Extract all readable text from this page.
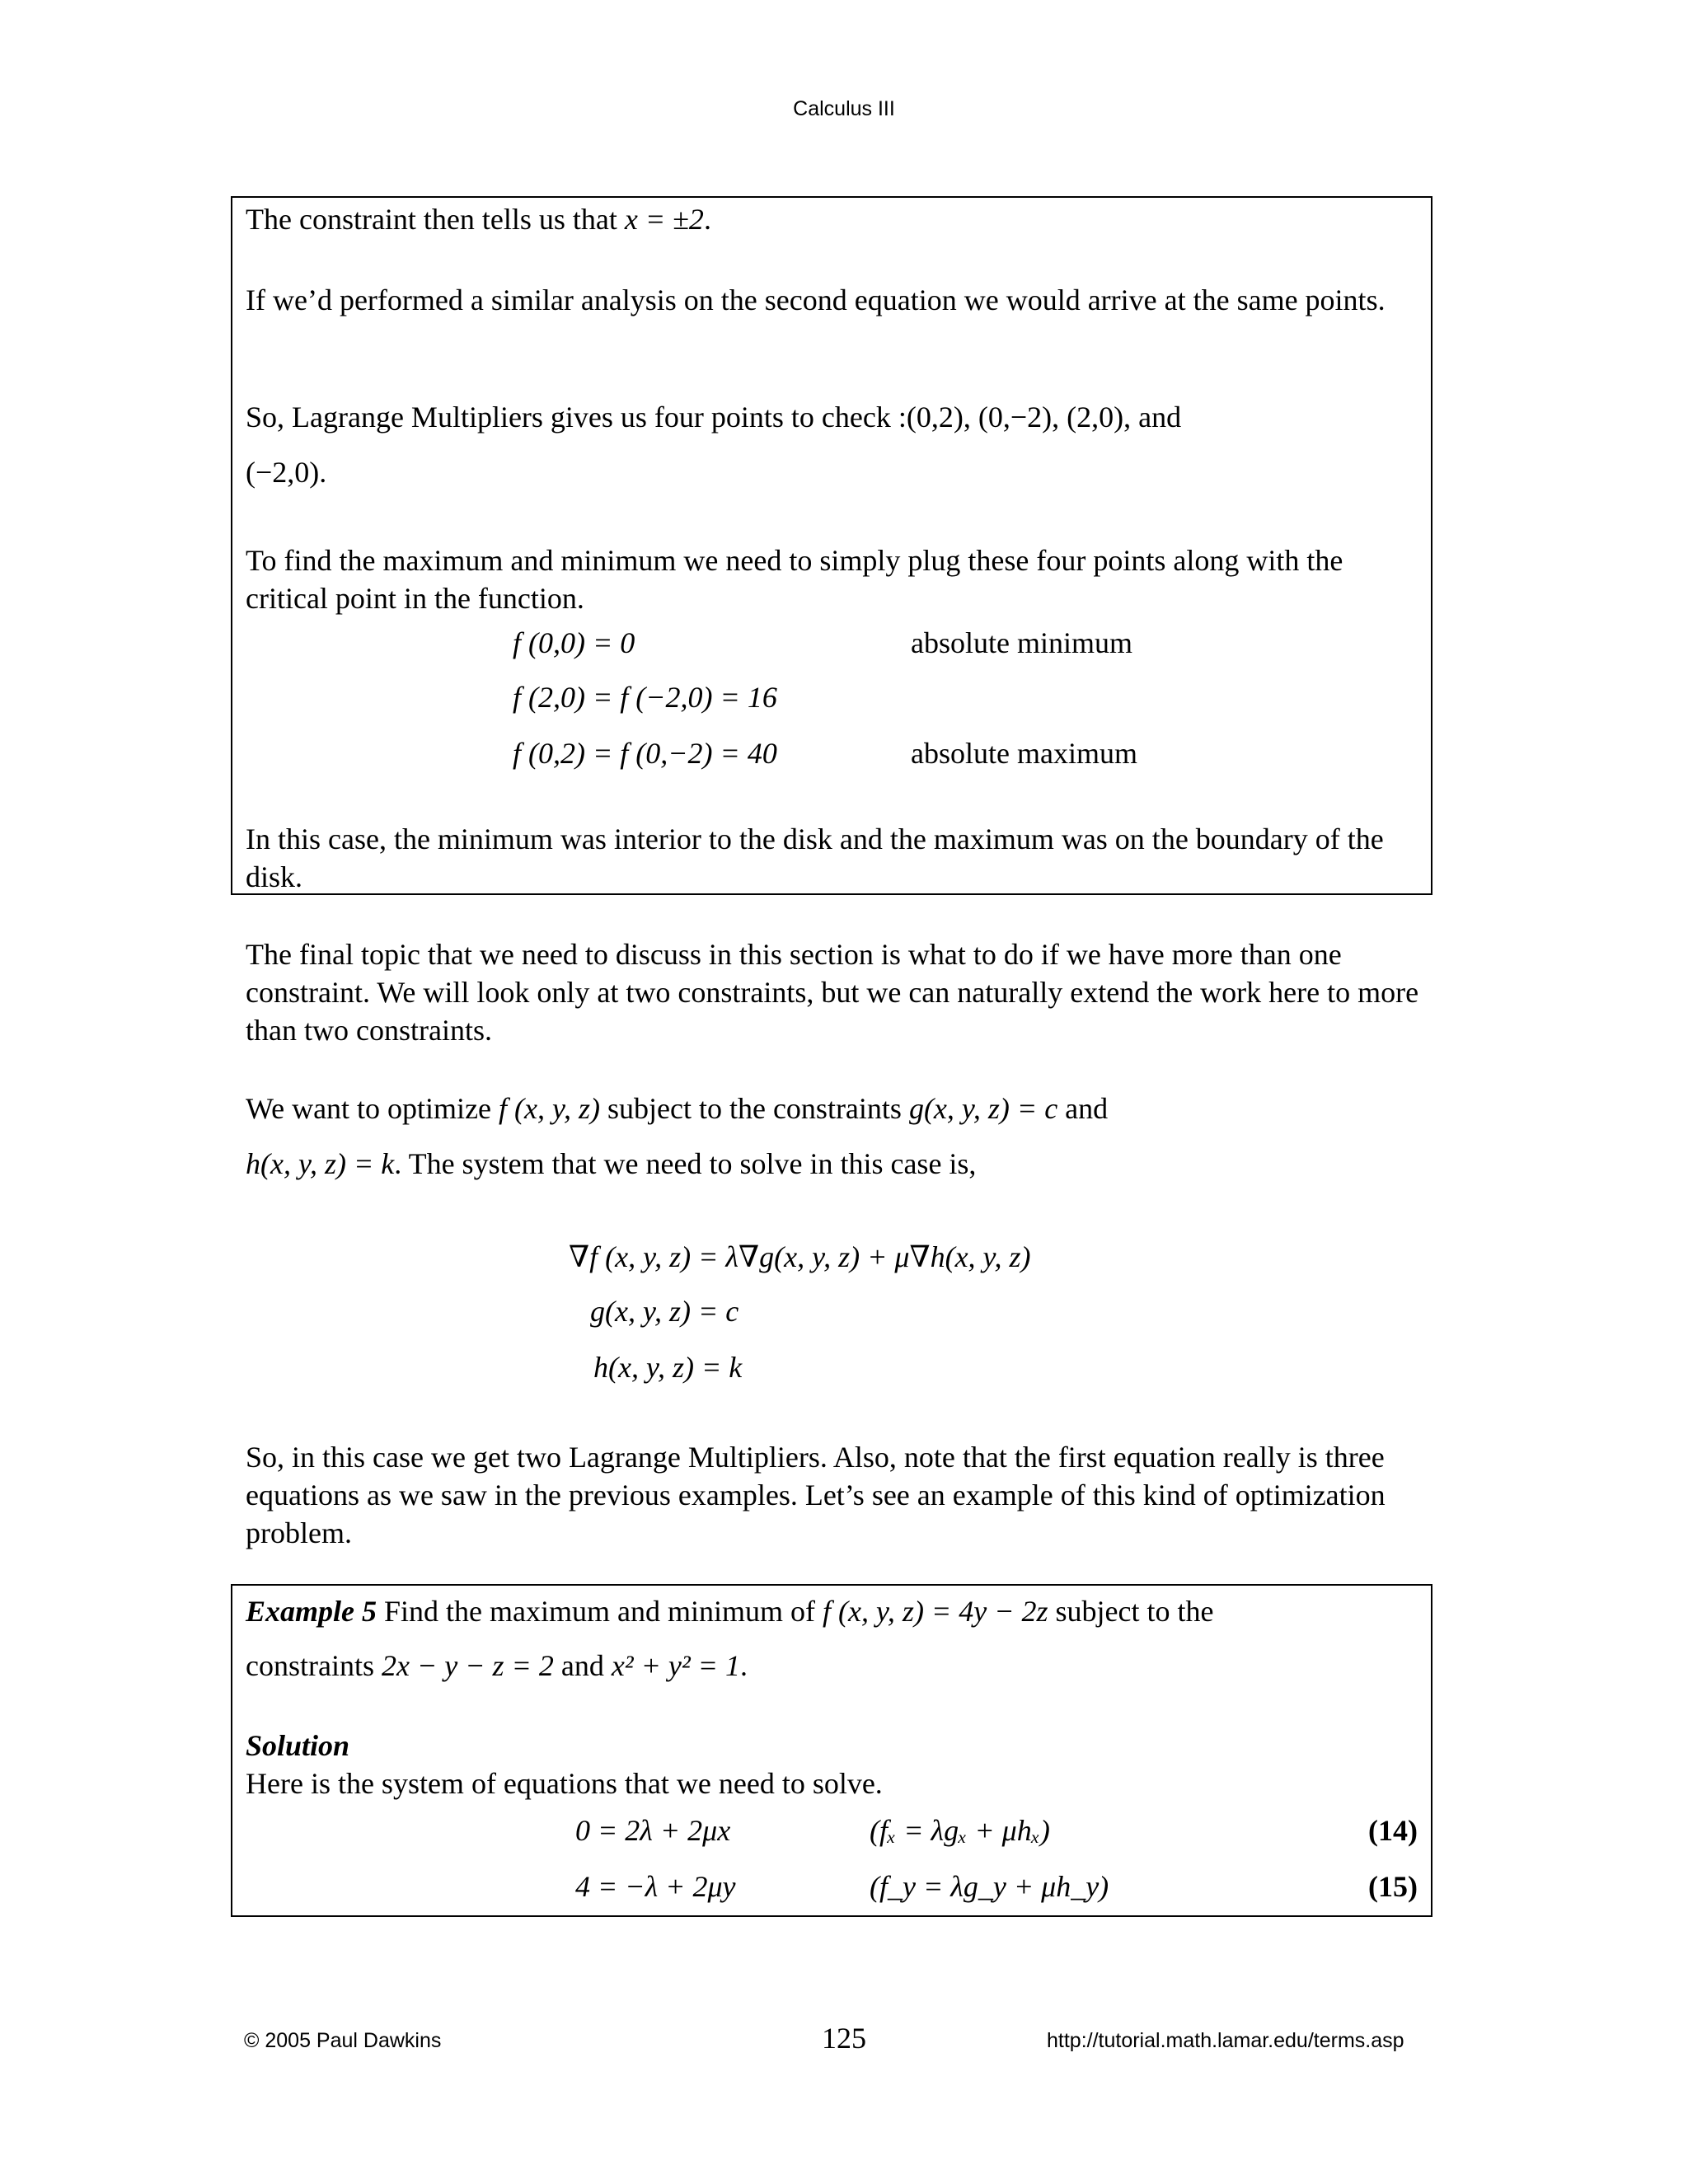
Calculus III
The constraint then tells us that x = ±2.
If we’d performed a similar analysis on the second equation we would arrive at the same points.
So, Lagrange Multipliers gives us four points to check :(0,2), (0,−2), (2,0), and
(−2,0).
To find the maximum and minimum we need to simply plug these four points along with the critical point in the function.
f (0,0) = 0	absolute minimum
f (2,0) = f (−2,0) = 16
f (0,2) = f (0,−2) = 40	absolute maximum
In this case, the minimum was interior to the disk and the maximum was on the boundary of the disk.
The final topic that we need to discuss in this section is what to do if we have more than one constraint. We will look only at two constraints, but we can naturally extend the work here to more than two constraints.
We want to optimize f (x, y, z) subject to the constraints g(x, y, z) = c and
h(x, y, z) = k. The system that we need to solve in this case is,
∇f (x, y, z) = λ∇g(x, y, z) + μ∇h(x, y, z)
g(x, y, z) = c
h(x, y, z) = k
So, in this case we get two Lagrange Multipliers. Also, note that the first equation really is three equations as we saw in the previous examples. Let’s see an example of this kind of optimization problem.
Example 5 Find the maximum and minimum of f (x, y, z) = 4y − 2z subject to the
constraints 2x − y − z = 2 and x² + y² = 1.
Solution
Here is the system of equations that we need to solve.
0 = 2λ + 2μx	(fₓ = λgₓ + μhₓ)	(14)
4 = −λ + 2μy	(f_y = λg_y + μh_y)	(15)
© 2005 Paul Dawkins	125	http://tutorial.math.lamar.edu/terms.asp
